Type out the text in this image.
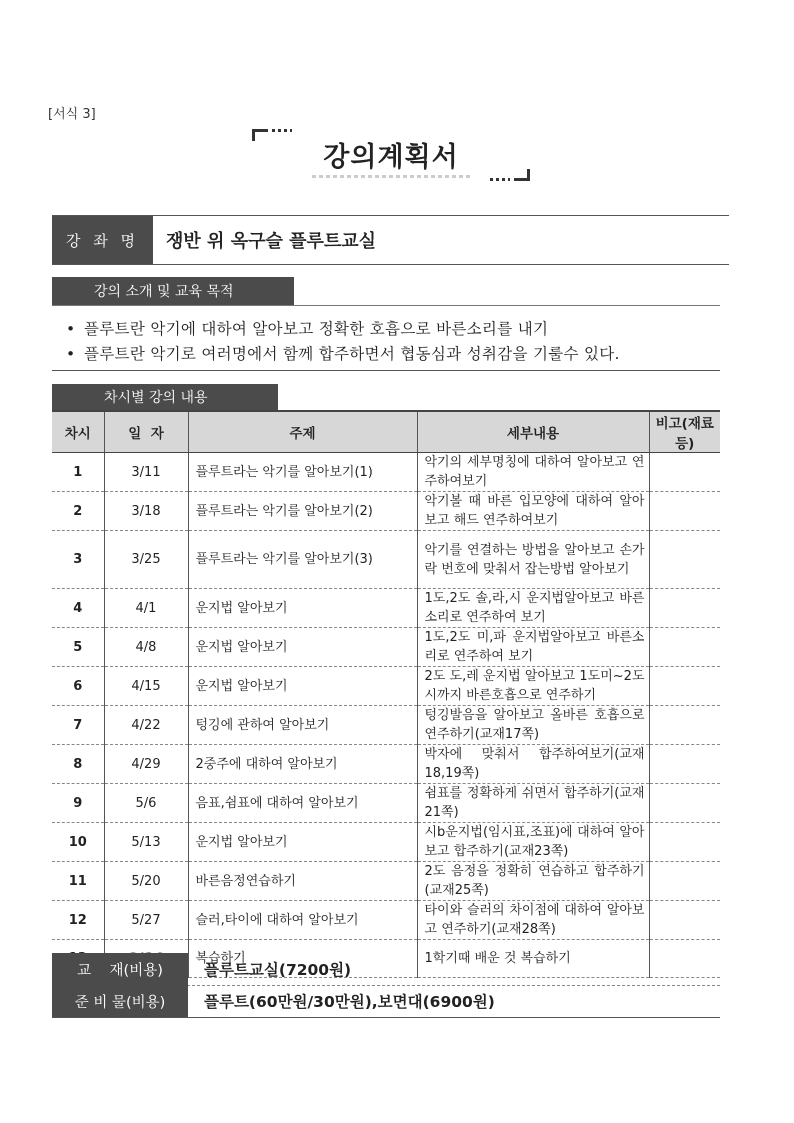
[서식 3]
강의계획서
강 좌 명	쟁반 위 옥구슬 플루트교실
강의 소개 및 교육 목적
• 플루트란 악기에 대하여 알아보고 정확한 호흡으로 바른소리를 내기
• 플루트란 악기로 여러명에서 함께 합주하면서 협동심과 성취감을 기룰수 있다.
차시별 강의 내용
차시	일  자	주제	세부내용	비고(재료 등)
1	3/11	플루트라는 악기를 알아보기(1)	악기의 세부명칭에 대하여 알아보고 연주하여보기	
2	3/18	플루트라는 악기를 알아보기(2)	악기볼 때 바른 입모양에 대하여 알아보고 해드 연주하여보기	
3	3/25	플루트라는 악기를 알아보기(3)	악기를 연결하는 방법을 알아보고 손가락 번호에 맞춰서 잡는방법 알아보기	
4	4/1	운지법 알아보기	1도,2도 솔,라,시 운지법알아보고 바른소리로 연주하여 보기	
5	4/8	운지법 알아보기	1도,2도 미,파 운지법알아보고 바른소리로 연주하여 보기	
6	4/15	운지법 알아보기	2도 도,레 운지법 알아보고 1도미~2도 시까지 바른호흡으로 연주하기	
7	4/22	텅깅에 관하여 알아보기	텅깅발음을 알아보고 올바른 호흡으로 연주하기(교재17쪽)	
8	4/29	2중주에 대하여 알아보기	박자에 맞춰서 합주하여보기(교재18,19쪽)	
9	5/6	음표,쉼표에 대하여 알아보기	쉼표를 정확하게 쉬면서 합주하기(교재21쪽)	
10	5/13	운지법 알아보기	시b운지법(임시표,조표)에 대하여 알아보고 합주하기(교재23쪽)	
11	5/20	바른음정연습하기	2도 음정을 정확히 연습하고 합주하기(교재25쪽)	
12	5/27	슬러,타이에 대하여 알아보기	타이와 슬러의 차이점에 대하여 알아보고 연주하기(교재28쪽)	
		복습하기	1학기때 배운 것 복습하기	
교    재(비용)	플루트교실(7200원)
준 비 물(비용)	플루트(60만원/30만원),보면대(6900원)
